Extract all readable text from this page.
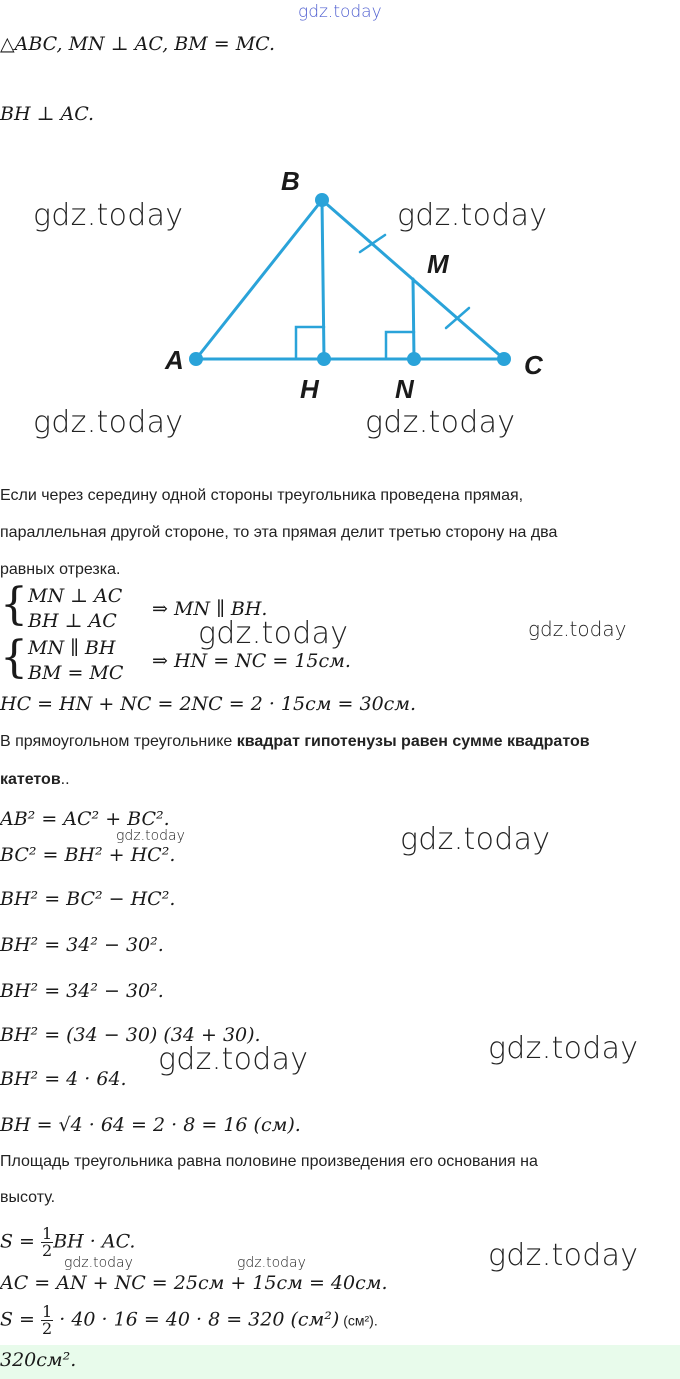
gdz.today
△ABC, MN ⊥ AC, BM = MC.
BH ⊥ AC.
A
B
C
H
M
N
gdz.today	gdz.today
gdz.today	gdz.today
Если через середину одной стороны треугольника проведена прямая,
параллельная другой стороне, то эта прямая делит третью сторону на два
равных отрезка.
{ MN ⊥ AC
BH ⊥ AC
⇒ MN ∥ BH.
{ MN ∥ BH
BM = MC
⇒ HN = NC = 15см.
gdz.today	gdz.today
HC = HN + NC = 2NC = 2 · 15см = 30см.
В прямоугольном треугольнике квадрат гипотенузы равен сумме квадратов
катетов..
AB² = AC² + BC².
gdz.today
BC² = BH² + HC².	gdz.today
BH² = BC² − HC².
BH² = 34² − 30².
BH² = 34² − 30².
BH² = (34 − 30) (34 + 30).
gdz.today	gdz.today
BH² = 4 · 64.
BH = √4 · 64 = 2 · 8 = 16 (см).
Площадь треугольника равна половине произведения его основания на
высоту.
$S = \frac{1}{2}$ BH · AC.
gdz.today	gdz.today	gdz.today
AC = AN + NC = 25см + 15см = 40см.
$S = \frac{1}{2} \cdot 40 \cdot 16 = 40 \cdot 8 = 320$ (см²) (см²).
320см².
